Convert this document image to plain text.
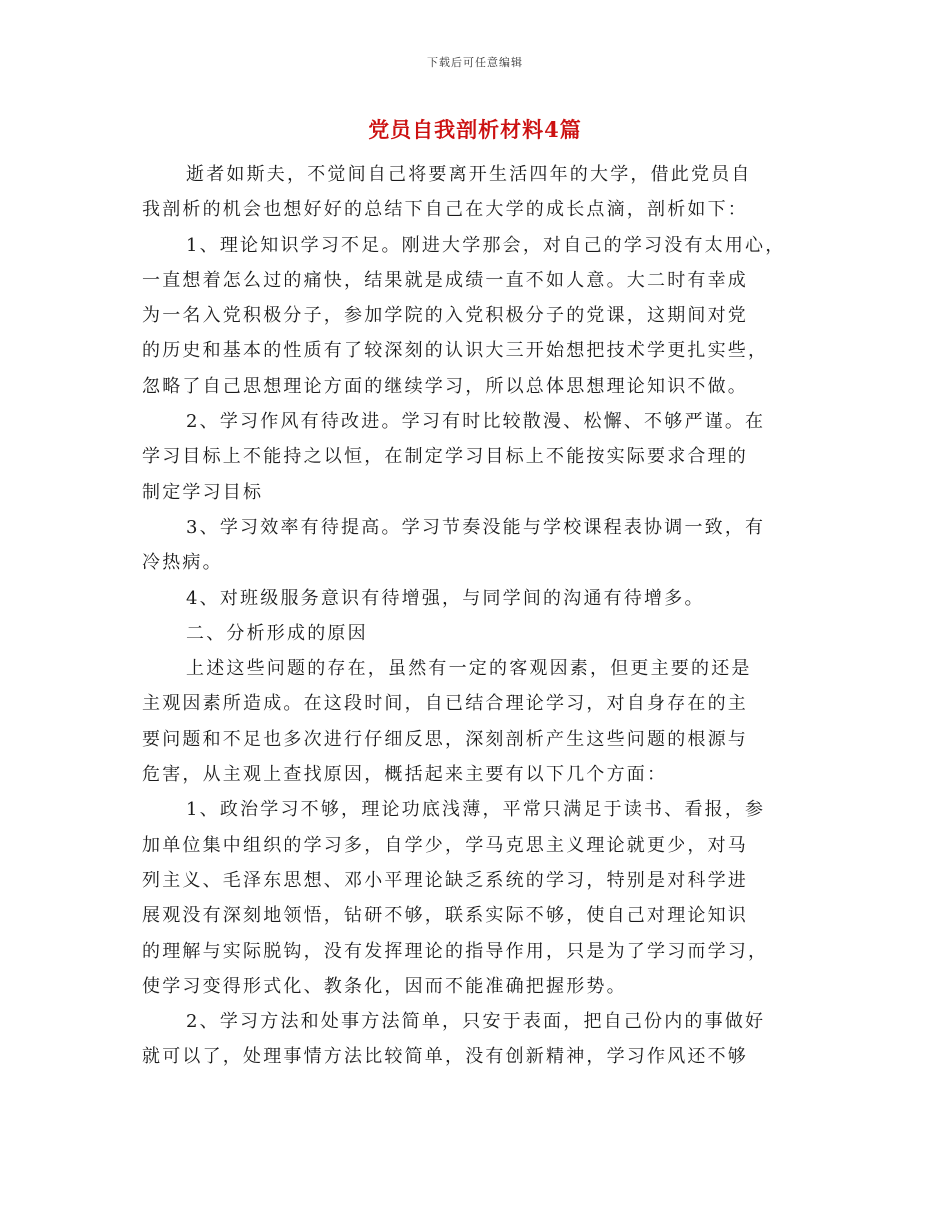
下载后可任意编辑
党员自我剖析材料4篇
逝者如斯夫，不觉间自己将要离开生活四年的大学，借此党员自
我剖析的机会也想好好的总结下自己在大学的成长点滴，剖析如下：
1、理论知识学习不足。刚进大学那会，对自己的学习没有太用心，
一直想着怎么过的痛快，结果就是成绩一直不如人意。大二时有幸成
为一名入党积极分子，参加学院的入党积极分子的党课，这期间对党
的历史和基本的性质有了较深刻的认识大三开始想把技术学更扎实些，
忽略了自己思想理论方面的继续学习，所以总体思想理论知识不做。
2、学习作风有待改进。学习有时比较散漫、松懈、不够严谨。在
学习目标上不能持之以恒，在制定学习目标上不能按实际要求合理的
制定学习目标
3、学习效率有待提高。学习节奏没能与学校课程表协调一致，有
冷热病。
4、对班级服务意识有待增强，与同学间的沟通有待增多。
二、分析形成的原因
上述这些问题的存在，虽然有一定的客观因素，但更主要的还是
主观因素所造成。在这段时间，自已结合理论学习，对自身存在的主
要问题和不足也多次进行仔细反思，深刻剖析产生这些问题的根源与
危害，从主观上查找原因，概括起来主要有以下几个方面：
1、政治学习不够，理论功底浅薄，平常只满足于读书、看报，参
加单位集中组织的学习多，自学少，学马克思主义理论就更少，对马
列主义、毛泽东思想、邓小平理论缺乏系统的学习，特别是对科学进
展观没有深刻地领悟，钻研不够，联系实际不够，使自己对理论知识
的理解与实际脱钩，没有发挥理论的指导作用，只是为了学习而学习，
使学习变得形式化、教条化，因而不能准确把握形势。
2、学习方法和处事方法简单，只安于表面，把自己份内的事做好
就可以了，处理事情方法比较简单，没有创新精神，学习作风还不够
